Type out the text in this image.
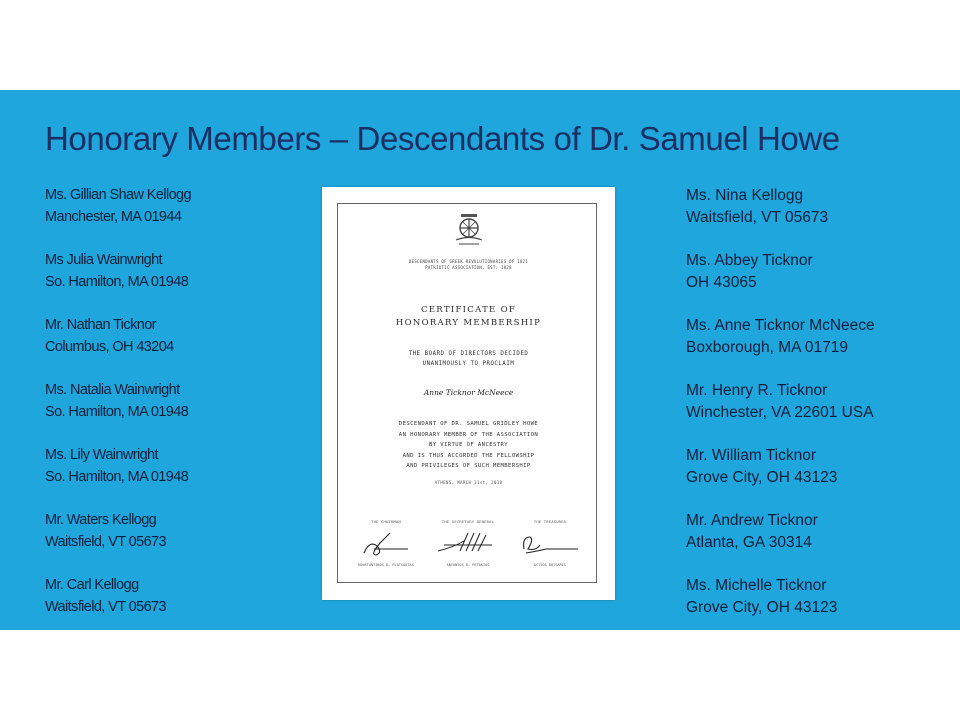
Honorary Members – Descendants of Dr. Samuel Howe
Ms. Gillian Shaw Kellogg
Manchester, MA 01944
Ms Julia Wainwright
So. Hamilton, MA 01948
Mr. Nathan Ticknor
Columbus, OH 43204
Ms. Natalia Wainwright
So. Hamilton, MA 01948
Ms. Lily Wainwright
So. Hamilton, MA 01948
Mr. Waters Kellogg
Waitsfield, VT 05673
Mr. Carl Kellogg
Waitsfield, VT 05673
Ms. Nina Kellogg
Waitsfield, VT 05673
Ms. Abbey Ticknor
OH 43065
Ms. Anne Ticknor McNeece
Boxborough, MA 01719
Mr. Henry R. Ticknor
Winchester, VA 22601 USA
Mr. William Ticknor
Grove City, OH 43123
Mr. Andrew Ticknor
Atlanta, GA 30314
Ms. Michelle Ticknor
Grove City, OH 43123
DESCENDANTS OF GREEK REVOLUTIONARIES OF 1821
PATRIOTIC ASSOCIATION, EST. 1828
CERTIFICATE OF
HONORARY MEMBERSHIP
THE BOARD OF DIRECTORS DECIDED
UNANIMOUSLY TO PROCLAIM
Anne Ticknor McNeece
DESCENDANT OF DR. SAMUEL GRIDLEY HOWE
AN HONORARY MEMBER OF THE ASSOCIATION
BY VIRTUE OF ANCESTRY
AND IS THUS ACCORDED THE FELLOWSHIP
AND PRIVILEGES OF SUCH MEMBERSHIP
ATHENS, MARCH 31st, 2018
THE CHAIRMAN	THE SECRETARY GENERAL	THE TREASURER
KONSTANTINOS D. PLATSOUTAS	ANTONIOS D. PETAKIOS	ACTIOS BOTSARIS
